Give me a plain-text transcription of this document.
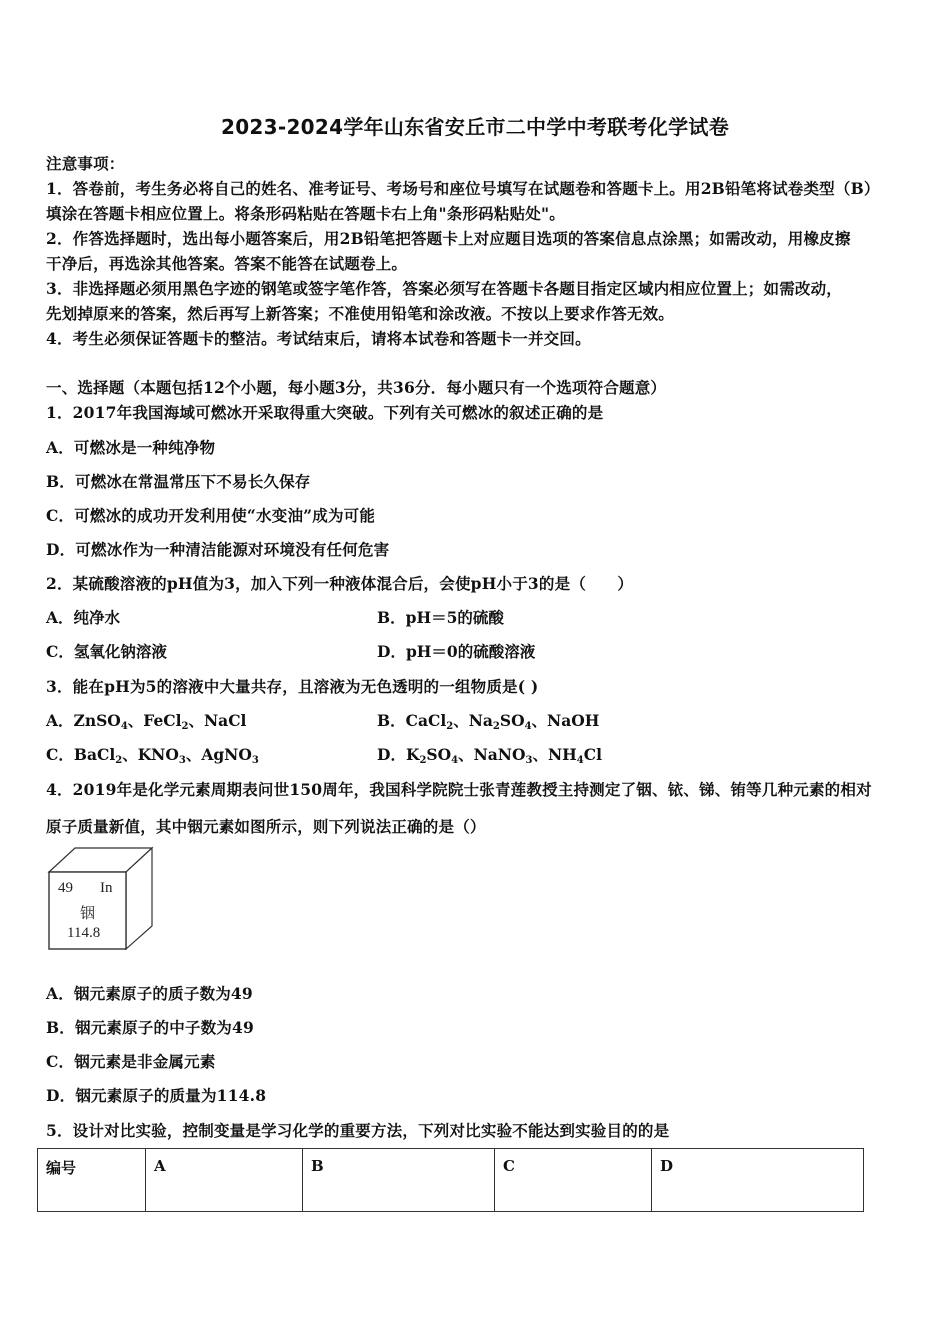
2023-2024学年山东省安丘市二中学中考联考化学试卷
注意事项：
1．答卷前，考生务必将自己的姓名、准考证号、考场号和座位号填写在试题卷和答题卡上。用2B铅笔将试卷类型（B）
填涂在答题卡相应位置上。将条形码粘贴在答题卡右上角"条形码粘贴处"。
2．作答选择题时，选出每小题答案后，用2B铅笔把答题卡上对应题目选项的答案信息点涂黑；如需改动，用橡皮擦
干净后，再选涂其他答案。答案不能答在试题卷上。
3．非选择题必须用黑色字迹的钢笔或签字笔作答，答案必须写在答题卡各题目指定区域内相应位置上；如需改动，
先划掉原来的答案，然后再写上新答案；不准使用铅笔和涂改液。不按以上要求作答无效。
4．考生必须保证答题卡的整洁。考试结束后，请将本试卷和答题卡一并交回。
一、选择题（本题包括12个小题，每小题3分，共36分．每小题只有一个选项符合题意）
1．2017年我国海域可燃冰开采取得重大突破。下列有关可燃冰的叙述正确的是
A．可燃冰是一种纯净物
B．可燃冰在常温常压下不易长久保存
C．可燃冰的成功开发利用使“水变油”成为可能
D．可燃冰作为一种清洁能源对环境没有任何危害
2．某硫酸溶液的pH值为3，加入下列一种液体混合后，会使pH小于3的是（　　）
A．纯净水	B．pH＝5的硫酸
C．氢氧化钠溶液	D．pH＝0的硫酸溶液
3．能在pH为5的溶液中大量共存，且溶液为无色透明的一组物质是( )
A．ZnSO$_4$、FeCl$_2$、NaCl	B．CaCl$_2$、$Na_2SO_4$、NaOH
C．BaCl$_2$、$KNO_3$、AgNO$_3$	D．$K_2SO_4$、NaNO$_3$、$NH_4Cl$
4．2019年是化学元素周期表问世150周年，我国科学院院士张青莲教授主持测定了铟、铱、锑、铕等几种元素的相对
原子质量新值，其中铟元素如图所示，则下列说法正确的是（）
49 In
铟
114.8
A．铟元素原子的质子数为49
B．铟元素原子的中子数为49
C．铟元素是非金属元素
D．铟元素原子的质量为114.8
5．设计对比实验，控制变量是学习化学的重要方法，下列对比实验不能达到实验目的的是
编号	A	B	C	D
